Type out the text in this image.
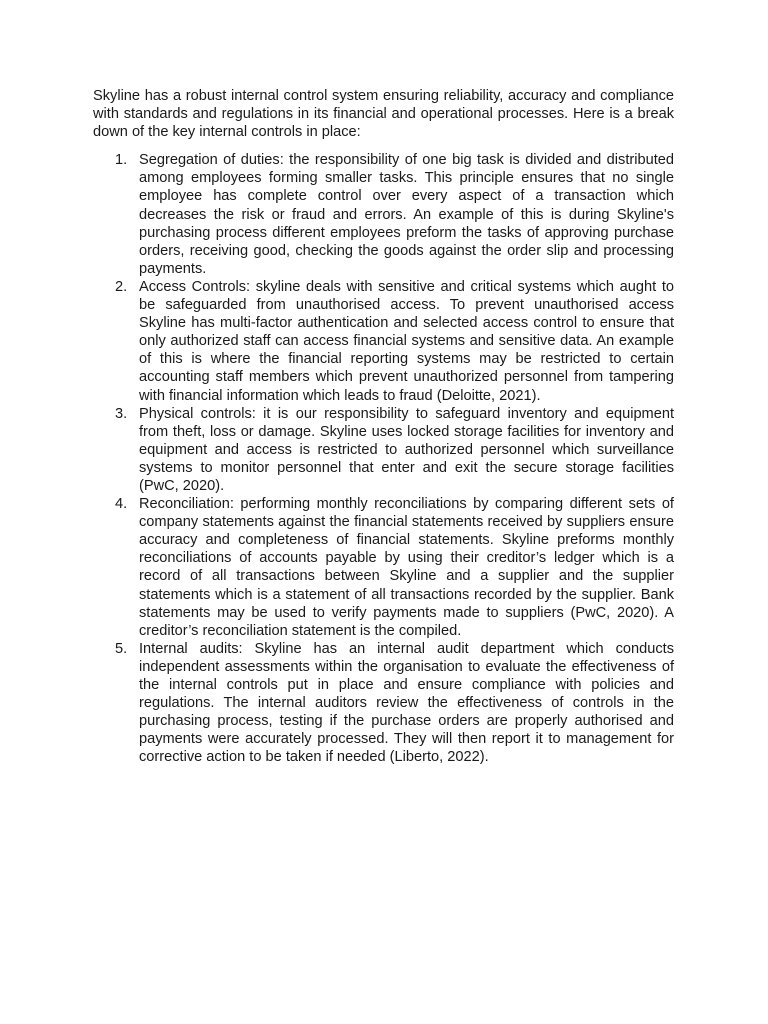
Skyline has a robust internal control system ensuring reliability, accuracy and compliance with standards and regulations in its financial and operational processes. Here is a break down of the key internal controls in place:

1. Segregation of duties: the responsibility of one big task is divided and distributed among employees forming smaller tasks. This principle ensures that no single employee has complete control over every aspect of a transaction which decreases the risk or fraud and errors. An example of this is during Skyline's purchasing process different employees preform the tasks of approving purchase orders, receiving good, checking the goods against the order slip and processing payments.
2. Access Controls: skyline deals with sensitive and critical systems which aught to be safeguarded from unauthorised access. To prevent unauthorised access Skyline has multi-factor authentication and selected access control to ensure that only authorized staff can access financial systems and sensitive data. An example of this is where the financial reporting systems may be restricted to certain accounting staff members which prevent unauthorized personnel from tampering with financial information which leads to fraud (Deloitte, 2021).
3. Physical controls: it is our responsibility to safeguard inventory and equipment from theft, loss or damage. Skyline uses locked storage facilities for inventory and equipment and access is restricted to authorized personnel which surveillance systems to monitor personnel that enter and exit the secure storage facilities (PwC, 2020).
4. Reconciliation: performing monthly reconciliations by comparing different sets of company statements against the financial statements received by suppliers ensure accuracy and completeness of financial statements. Skyline preforms monthly reconciliations of accounts payable by using their creditor’s ledger which is a record of all transactions between Skyline and a supplier and the supplier statements which is a statement of all transactions recorded by the supplier. Bank statements may be used to verify payments made to suppliers (PwC, 2020). A creditor’s reconciliation statement is the compiled.
5. Internal audits: Skyline has an internal audit department which conducts independent assessments within the organisation to evaluate the effectiveness of the internal controls put in place and ensure compliance with policies and regulations. The internal auditors review the effectiveness of controls in the purchasing process, testing if the purchase orders are properly authorised and payments were accurately processed. They will then report it to management for corrective action to be taken if needed (Liberto, 2022).
